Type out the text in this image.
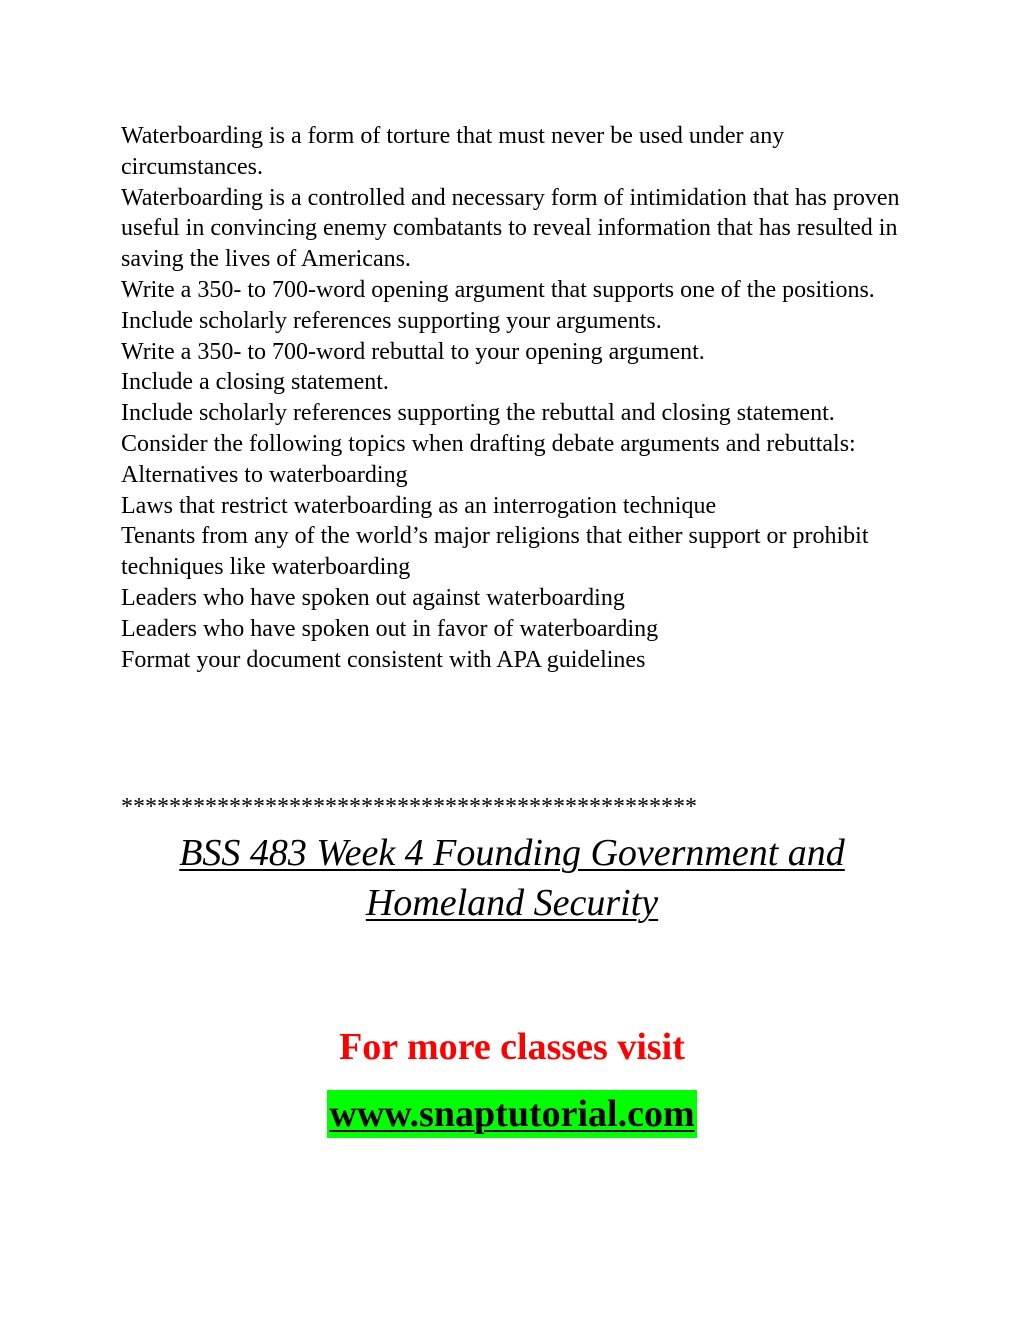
Waterboarding is a form of torture that must never be used under any circumstances.

Waterboarding is a controlled and necessary form of intimidation that has proven useful in convincing enemy combatants to reveal information that has resulted in saving the lives of Americans.

Write a 350- to 700-word opening argument that supports one of the positions.

Include scholarly references supporting your arguments.

Write a 350- to 700-word rebuttal to your opening argument.

Include a closing statement.

Include scholarly references supporting the rebuttal and closing statement.

Consider the following topics when drafting debate arguments and rebuttals:

Alternatives to waterboarding

Laws that restrict waterboarding as an interrogation technique

Tenants from any of the world’s major religions that either support or prohibit techniques like waterboarding

Leaders who have spoken out against waterboarding

Leaders who have spoken out in favor of waterboarding

Format your document consistent with APA guidelines

************************************************
BSS 483 Week 4 Founding Government and Homeland Security
For more classes visit
www.snaptutorial.com
